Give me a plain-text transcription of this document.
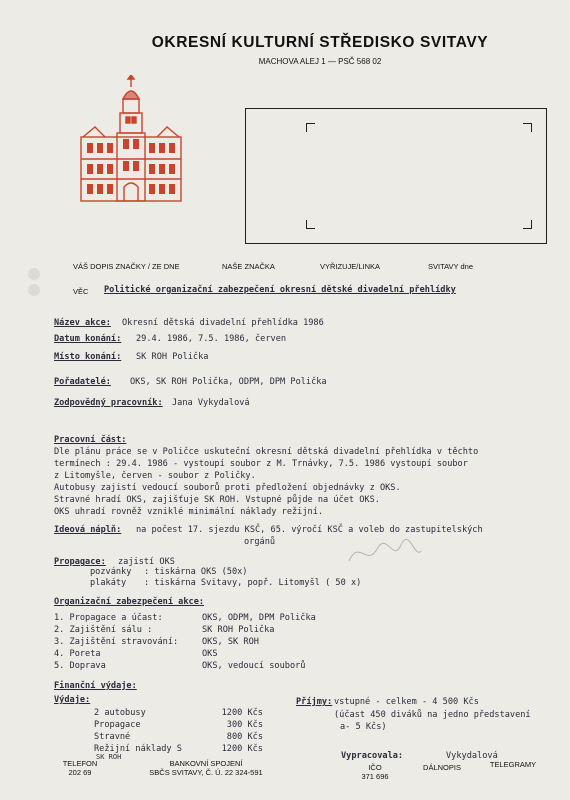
OKRESNÍ KULTURNÍ STŘEDISKO SVITAVY
MACHOVA ALEJ 1 — PSČ 568 02
VÁŠ DOPIS ZNAČKY / ZE DNE	NAŠE ZNAČKA	VYŘIZUJE/LINKA	SVITAVY dne
VĚC Politické organizační zabezpečení okresní dětské divadelní přehlídky
Název akce: Okresní dětská divadelní přehlídka 1986
Datum konání: 29.4. 1986, 7.5. 1986, červen
Místo konání: SK ROH Polička
Pořadatelé: OKS, SK ROH Polička, ODPM, DPM Polička
Zodpovědný pracovník: Jana Vykydalová
Pracovní část:
Dle plánu práce se v Poličce uskuteční okresní dětská divadelní přehlídka v těchto
termínech : 29.4. 1986 - vystoupí soubor z M. Trnávky, 7.5. 1986 vystoupí soubor
z Litomyšle, červen - soubor z Poličky.
Autobusy zajistí vedoucí souborů proti předložení objednávky z OKS.
Stravné hradí OKS, zajišťuje SK ROH. Vstupné půjde na účet OKS.
OKS uhradí rovněž vzniklé minimální náklady režijní.
Ideová náplň: na počest 17. sjezdu KSČ, 65. výročí KSČ a voleb do zastupitelských
orgánů
Propagace: zajistí OKS
pozvánky : tiskárna OKS (50x)
plakáty : tiskárna Svitavy, popř. Litomyšl ( 50 x)
Organizační zabezpečení akce:
1. Propagace a účast:	OKS, ODPM, DPM Polička
2. Zajištění sálu :	SK ROH Polička
3. Zajištění stravování:	OKS, SK ROH
4. Poreta	OKS
5. Doprava	OKS, vedoucí souborů
Finanční výdaje:
Výdaje:
2 autobusy	1200 Kčs
Propagace	300 Kčs
Stravné	800 Kčs
Režijní náklady S	1200 Kčs
SK ROH
Příjmy: vstupné - celkem - 4 500 Kčs
(účast 450 diváků na jedno představení
a- 5 Kčs)
Vypracovala:	Vykydalová
TELEFON
202 69
BANKOVNÍ SPOJENÍ
SBČS SVITAVY, Č. Ú. 22 324-591
IČO
371 696
DÁLNOPIS	TELEGRAMY
